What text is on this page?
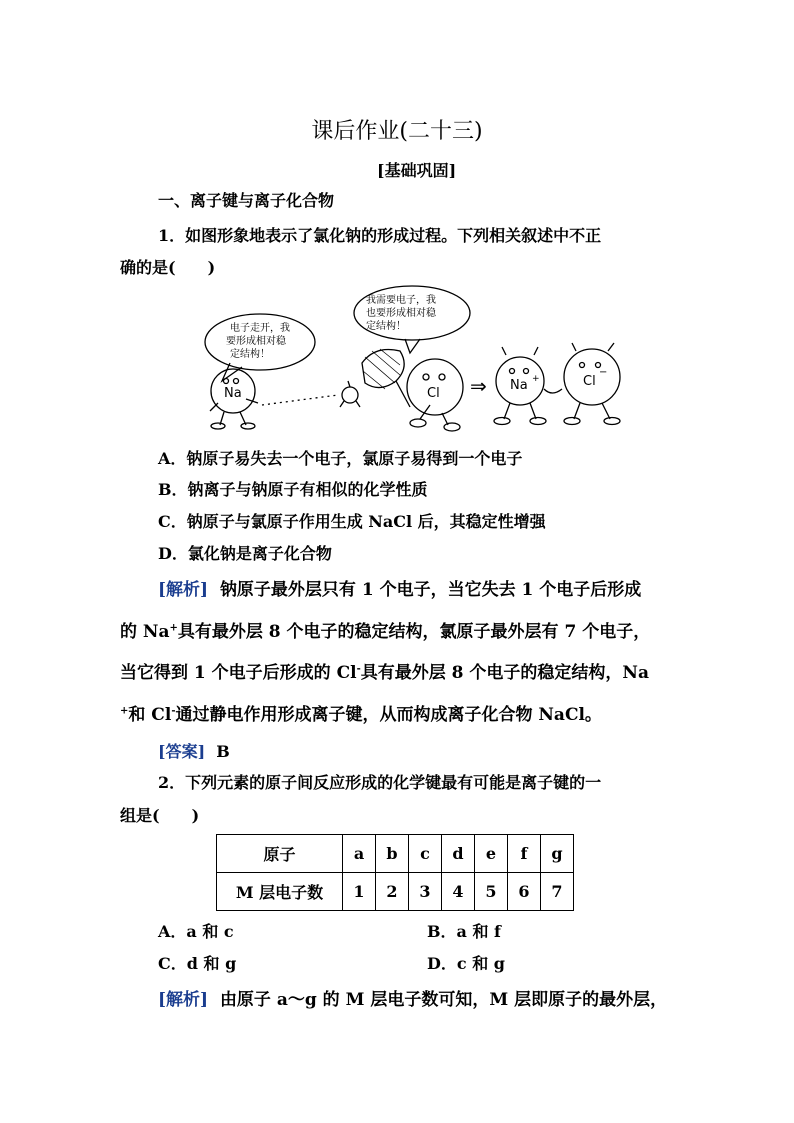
课后作业(二十三)
[基础巩固]
一、离子键与离子化合物
1．如图形象地表示了氯化钠的形成过程。下列相关叙述中不正
确的是(　　)
电子走开，我
要形成相对稳
定结构！
我需要电子，我
也要形成相对稳
定结构！
Na	Cl ⇒ Na +	Cl
−
A．钠原子易失去一个电子，氯原子易得到一个电子
B．钠离子与钠原子有相似的化学性质
C．钠原子与氯原子作用生成 NaCl 后，其稳定性增强
D．氯化钠是离子化合物
[解析] 钠原子最外层只有 1 个电子，当它失去 1 个电子后形成
的 Na+具有最外层 8 个电子的稳定结构，氯原子最外层有 7 个电子，
当它得到 1 个电子后形成的 Cl-具有最外层 8 个电子的稳定结构，Na
+和 Cl-通过静电作用形成离子键，从而构成离子化合物 NaCl。
[答案] B
2．下列元素的原子间反应形成的化学键最有可能是离子键的一
组是(　　)
原子	a	b	c	d	e	f	g
M 层电子数	1	2	3	4	5	6	7
A．a 和 c	B．a 和 f
C．d 和 g	D．c 和 g
[解析] 由原子 a～g 的 M 层电子数可知，M 层即原子的最外层，
